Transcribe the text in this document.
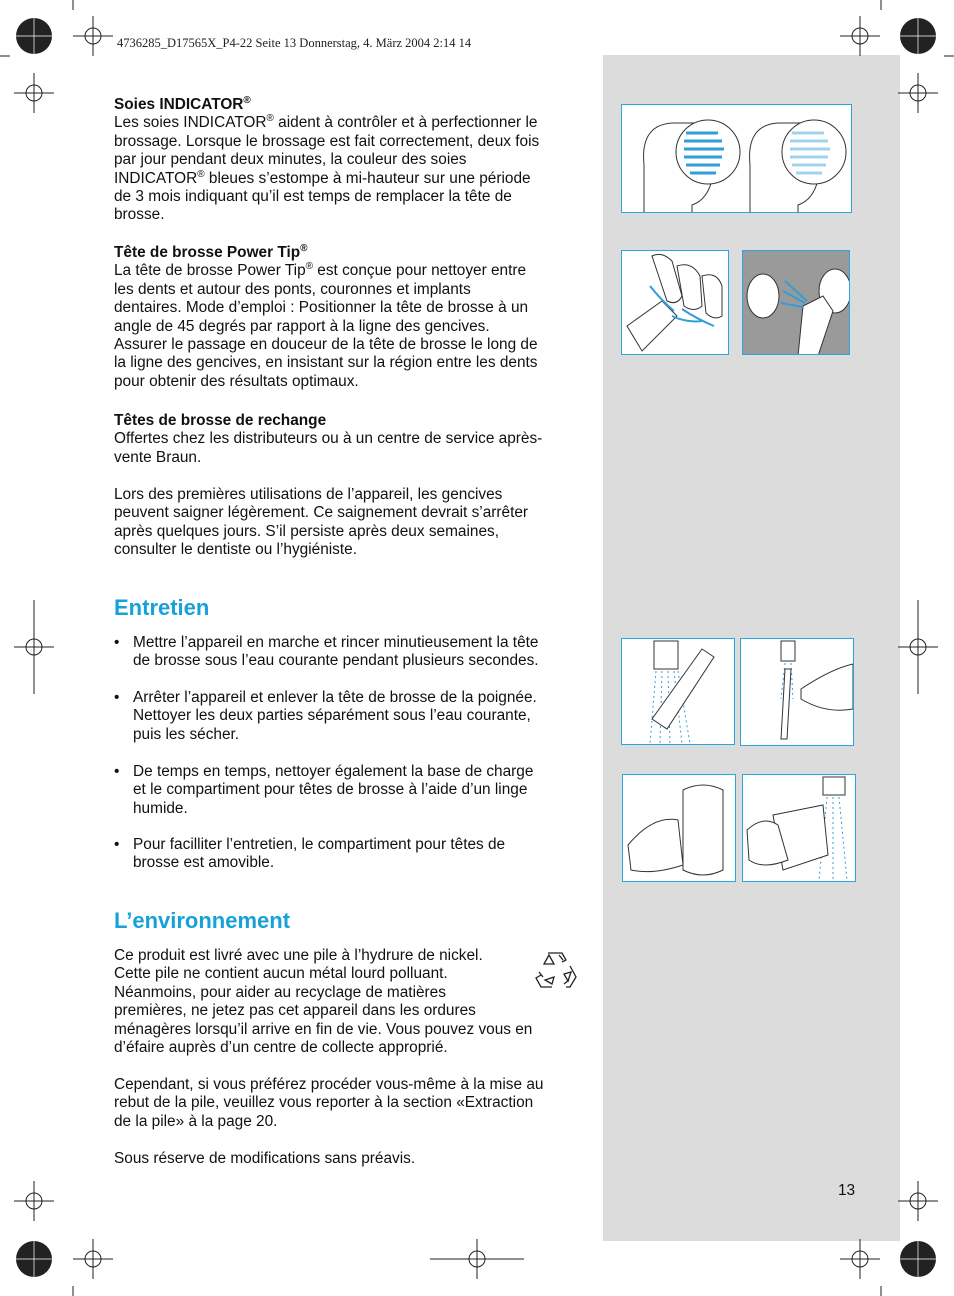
4736285_D17565X_P4-22 Seite 13 Donnerstag, 4. März 2004 2:14 14

Soies INDICATOR®

Les soies INDICATOR® aident à contrôler et à perfectionner le

brossage. Lorsque le brossage est fait correctement, deux fois

par jour pendant deux minutes, la couleur des soies

INDICATOR® bleues s’estompe à mi-hauteur sur une période

de 3 mois indiquant qu’il est temps de remplacer la tête de

brosse.

Tête de brosse Power Tip®

La tête de brosse Power Tip® est conçue pour nettoyer entre

les dents et autour des ponts, couronnes et implants

dentaires. Mode d’emploi : Positionner la tête de brosse à un

angle de 45 degrés par rapport à la ligne des gencives.

Assurer le passage en douceur de la tête de brosse le long de

la ligne des gencives, en insistant sur la région entre les dents

pour obtenir des résultats optimaux.

Têtes de brosse de rechange

Offertes chez les distributeurs ou à un centre de service après-

vente Braun.

Lors des premières utilisations de l’appareil, les gencives

peuvent saigner légèrement. Ce saignement devrait s’arrêter

après quelques jours. S’il persiste après deux semaines,

consulter le dentiste ou l’hygiéniste.

Entretien
• Mettre l’appareil en marche et rincer minutieusement la tête
de brosse sous l’eau courante pendant plusieurs secondes.
• Arrêter l’appareil et enlever la tête de brosse de la poignée.
Nettoyer les deux parties séparément sous l’eau courante,
puis les sécher.
• De temps en temps, nettoyer également la base de charge
et le compartiment pour têtes de brosse à l’aide d’un linge
humide.
• Pour facilliter l’entretien, le compartiment pour têtes de
brosse est amovible.
L’environnement

Ce produit est livré avec une pile à l’hydrure de nickel.

Cette pile ne contient aucun métal lourd polluant.

Néanmoins, pour aider au recyclage de matières

premières, ne jetez pas cet appareil dans les ordures

ménagères lorsqu’il arrive en fin de vie. Vous pouvez vous en

d’éfaire auprès d’un centre de collecte approprié.

Cependant, si vous préférez procéder vous-même à la mise au

rebut de la pile, veuillez vous reporter à la section «Extraction

de la pile» à la page 20.

Sous réserve de modifications sans préavis.

13
